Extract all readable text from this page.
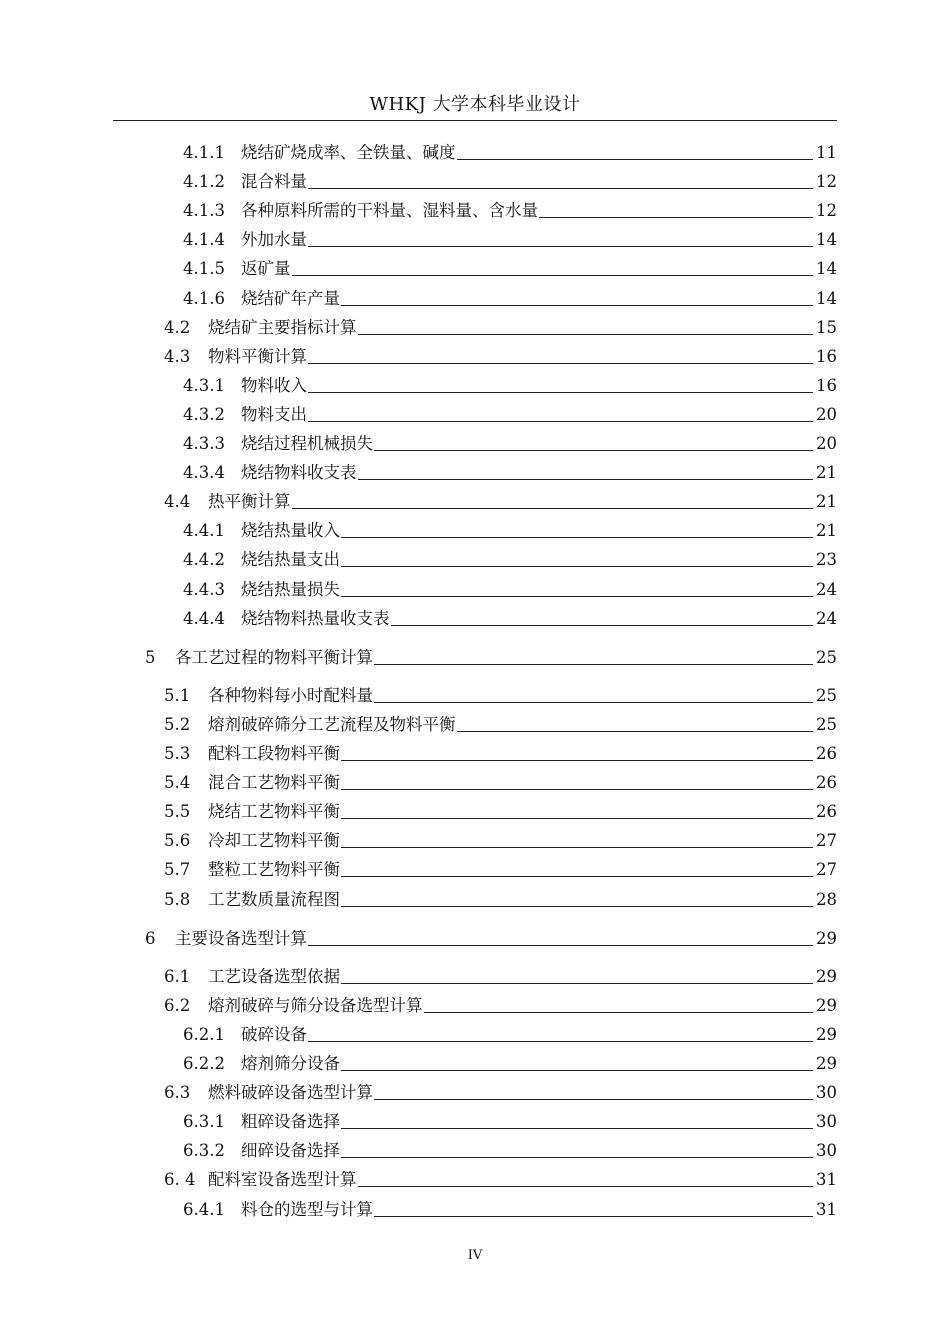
WHKJ 大学本科毕业设计
4.1.1 烧结矿烧成率、全铁量、碱度	11
4.1.2 混合料量	12
4.1.3 各种原料所需的干料量、湿料量、含水量	12
4.1.4 外加水量	14
4.1.5 返矿量	14
4.1.6 烧结矿年产量	14
4.2	烧结矿主要指标计算	15
4.3	物料平衡计算	16
4.3.1 物料收入	16
4.3.2 物料支出	20
4.3.3 烧结过程机械损失	20
4.3.4 烧结物料收支表	21
4.4	热平衡计算	21
4.4.1 烧结热量收入	21
4.4.2 烧结热量支出	23
4.4.3 烧结热量损失	24
4.4.4 烧结物料热量收支表	24
5	各工艺过程的物料平衡计算	25
5.1	各种物料每小时配料量	25
5.2	熔剂破碎筛分工艺流程及物料平衡	25
5.3	配料工段物料平衡	26
5.4	混合工艺物料平衡	26
5.5	烧结工艺物料平衡	26
5.6	冷却工艺物料平衡	27
5.7	整粒工艺物料平衡	27
5.8	工艺数质量流程图	28
6	主要设备选型计算	29
6.1	工艺设备选型依据	29
6.2	熔剂破碎与筛分设备选型计算	29
6.2.1 破碎设备	29
6.2.2 熔剂筛分设备	29
6.3	燃料破碎设备选型计算	30
6.3.1 粗碎设备选择	30
6.3.2 细碎设备选择	30
6. 4 配料室设备选型计算	31
6.4.1 料仓的选型与计算	31
IV
